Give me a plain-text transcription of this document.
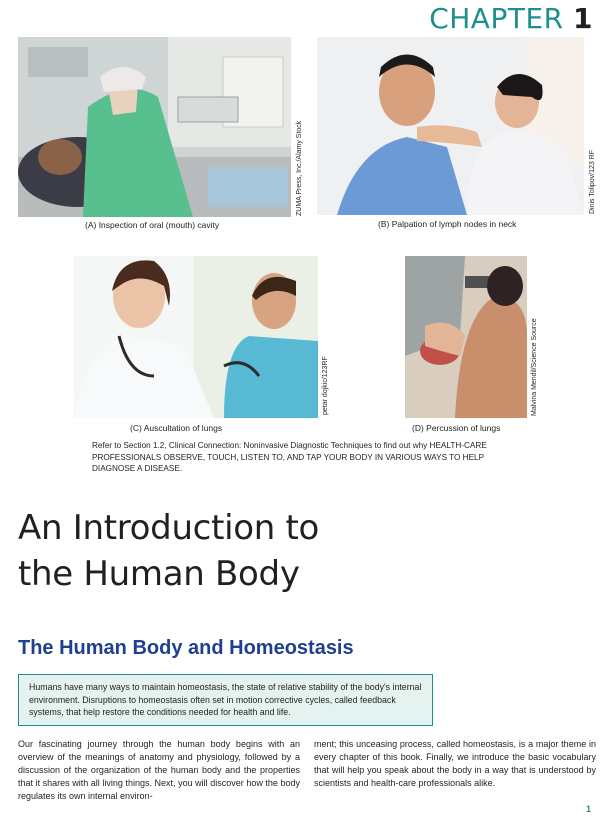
CHAPTER 1
(A) Inspection of oral (mouth) cavity
ZUMA Press, Inc./Alamy Stock
(B) Palpation of lymph nodes in neck
Dinis Tolipov/123 RF
(C) Auscultation of lungs
petar dojkic/123RF
(D) Percussion of lungs
Malvina Mendil/Science Source
Refer to Section 1.2, Clinical Connection: Noninvasive Diagnostic Techniques to find out why HEALTH-CARE PROFESSIONALS OBSERVE, TOUCH, LISTEN TO, AND TAP YOUR BODY IN VARIOUS WAYS TO HELP DIAGNOSE A DISEASE.
An Introduction to
the Human Body
The Human Body and Homeostasis
Humans have many ways to maintain homeostasis, the state of relative stability of the body's internal environment. Disruptions to homeostasis often set in motion corrective cycles, called feedback systems, that help restore the conditions needed for health and life.
Our fascinating journey through the human body begins with an overview of the meanings of anatomy and physiology, followed by a discussion of the organization of the human body and the properties that it shares with all living things. Next, you will discover how the body regulates its own internal environ-
ment; this unceasing process, called homeostasis, is a major theme in every chapter of this book. Finally, we introduce the basic vocabulary that will help you speak about the body in a way that is understood by scientists and health-care professionals alike.
1
